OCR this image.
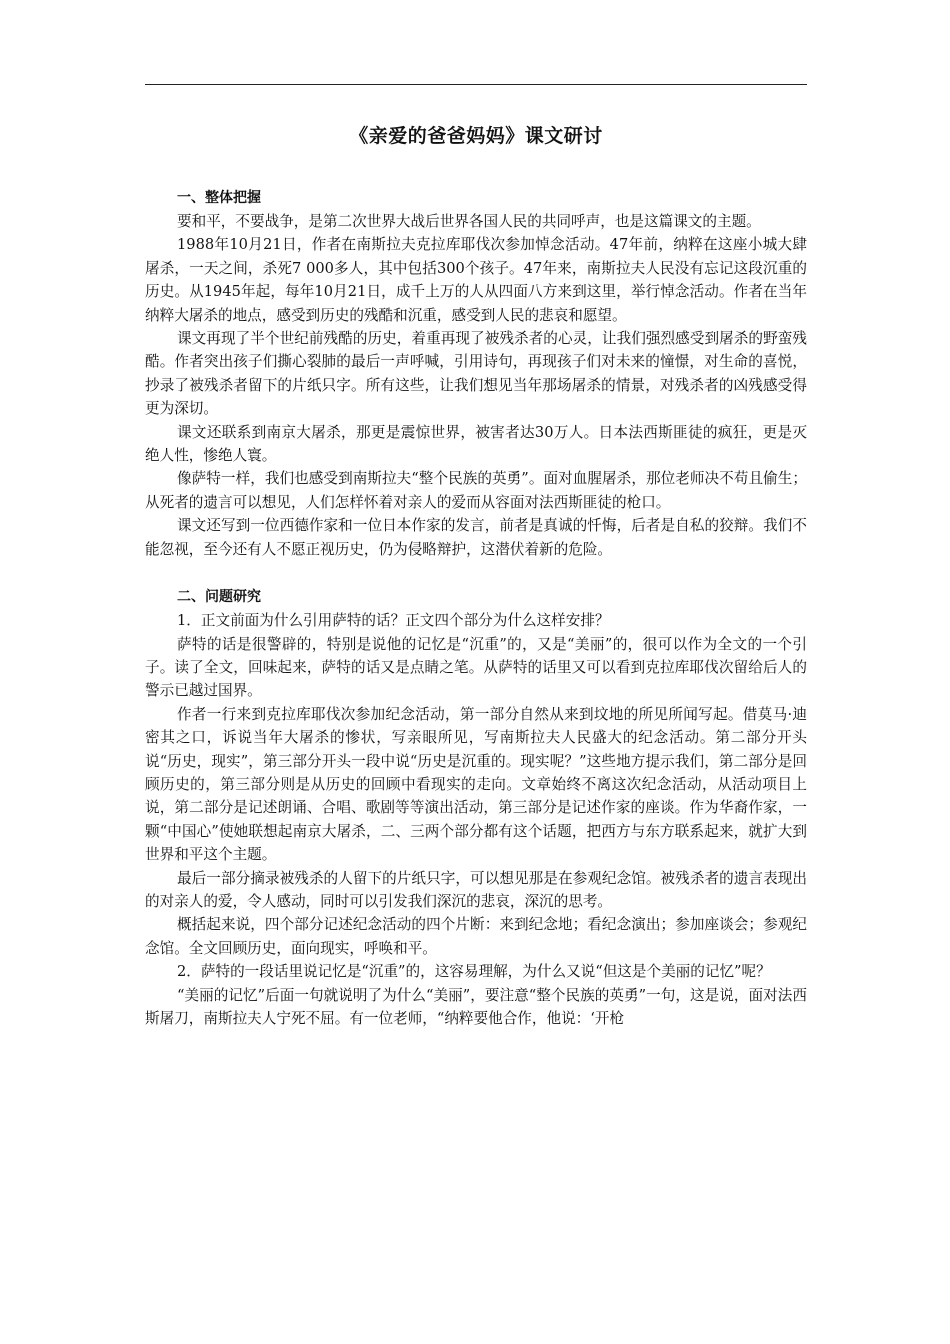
《亲爱的爸爸妈妈》课文研讨

一、整体把握

要和平，不要战争，是第二次世界大战后世界各国人民的共同呼声，也是这篇课文的主题。

1988年10月21日，作者在南斯拉夫克拉库耶伐次参加悼念活动。47年前，纳粹在这座小城大肆屠杀，一天之间，杀死7 000多人，其中包括300个孩子。47年来，南斯拉夫人民没有忘记这段沉重的历史。从1945年起，每年10月21日，成千上万的人从四面八方来到这里，举行悼念活动。作者在当年纳粹大屠杀的地点，感受到历史的残酷和沉重，感受到人民的悲哀和愿望。

课文再现了半个世纪前残酷的历史，着重再现了被残杀者的心灵，让我们强烈感受到屠杀的野蛮残酷。作者突出孩子们撕心裂肺的最后一声呼喊，引用诗句，再现孩子们对未来的憧憬，对生命的喜悦，抄录了被残杀者留下的片纸只字。所有这些，让我们想见当年那场屠杀的情景，对残杀者的凶残感受得更为深切。

课文还联系到南京大屠杀，那更是震惊世界，被害者达30万人。日本法西斯匪徒的疯狂，更是灭绝人性，惨绝人寰。

像萨特一样，我们也感受到南斯拉夫“整个民族的英勇”。面对血腥屠杀，那位老师决不苟且偷生；从死者的遗言可以想见，人们怎样怀着对亲人的爱而从容面对法西斯匪徒的枪口。

课文还写到一位西德作家和一位日本作家的发言，前者是真诚的忏悔，后者是自私的狡辩。我们不能忽视，至今还有人不愿正视历史，仍为侵略辩护，这潜伏着新的危险。

二、问题研究

1．正文前面为什么引用萨特的话？正文四个部分为什么这样安排？

萨特的话是很警辟的，特别是说他的记忆是“沉重”的，又是“美丽”的，很可以作为全文的一个引子。读了全文，回味起来，萨特的话又是点睛之笔。从萨特的话里又可以看到克拉库耶伐次留给后人的警示已越过国界。

作者一行来到克拉库耶伐次参加纪念活动，第一部分自然从来到坟地的所见所闻写起。借莫马·迪密其之口，诉说当年大屠杀的惨状，写亲眼所见，写南斯拉夫人民盛大的纪念活动。第二部分开头说“历史，现实”，第三部分开头一段中说“历史是沉重的。现实呢？”这些地方提示我们，第二部分是回顾历史的，第三部分则是从历史的回顾中看现实的走向。文章始终不离这次纪念活动，从活动项目上说，第二部分是记述朗诵、合唱、歌剧等等演出活动，第三部分是记述作家的座谈。作为华裔作家，一颗“中国心”使她联想起南京大屠杀，二、三两个部分都有这个话题，把西方与东方联系起来，就扩大到世界和平这个主题。

最后一部分摘录被残杀的人留下的片纸只字，可以想见那是在参观纪念馆。被残杀者的遗言表现出的对亲人的爱，令人感动，同时可以引发我们深沉的悲哀，深沉的思考。

概括起来说，四个部分记述纪念活动的四个片断：来到纪念地；看纪念演出；参加座谈会；参观纪念馆。全文回顾历史，面向现实，呼唤和平。

2．萨特的一段话里说记忆是“沉重”的，这容易理解，为什么又说“但这是个美丽的记忆”呢？

“美丽的记忆”后面一句就说明了为什么“美丽”，要注意“整个民族的英勇”一句，这是说，面对法西斯屠刀，南斯拉夫人宁死不屈。有一位老师，“纳粹要他合作，他说：‘开枪
